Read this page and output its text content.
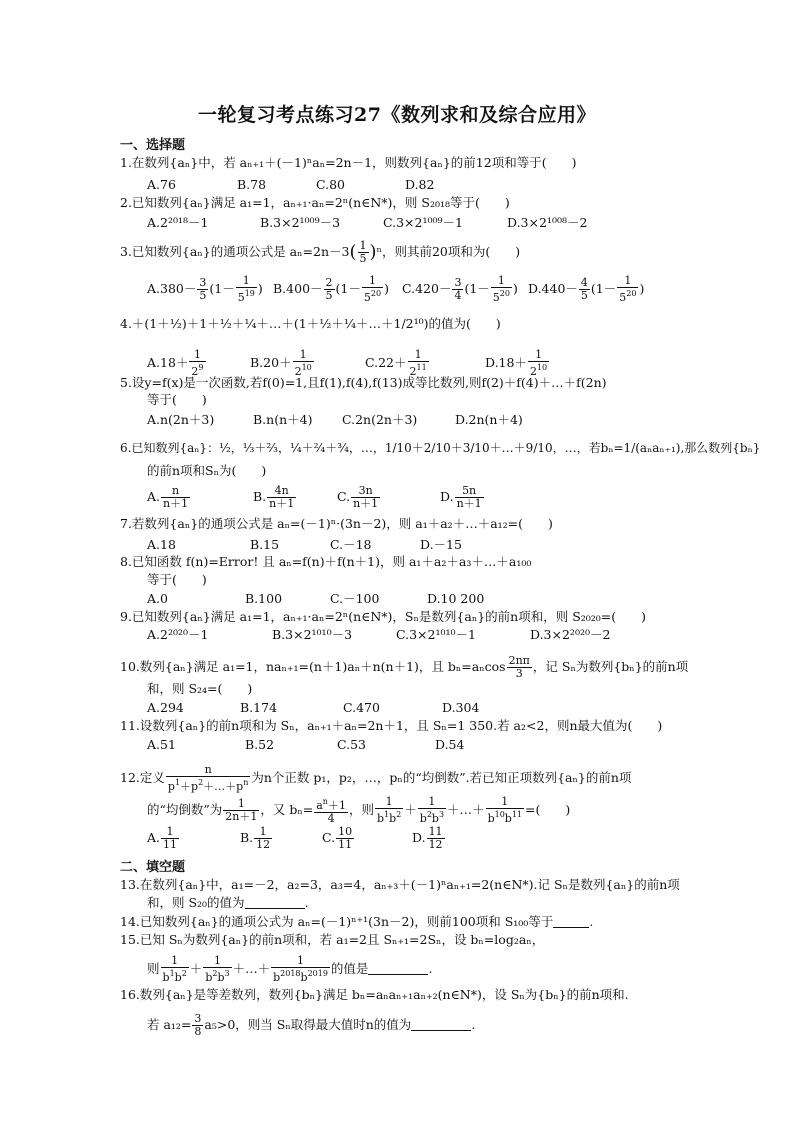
一轮复习考点练习27《数列求和及综合应用》
一、选择题
1.在数列{aₙ}中，若 aₙ₊₁＋(－1)ⁿaₙ=2n－1，则数列{aₙ}的前12项和等于(　　)
A.76	B.78	C.80	D.82
2.已知数列{aₙ}满足 a₁=1，aₙ₊₁·aₙ=2ⁿ(n∈N*)，则 S₂₀₁₈等于(　　)
A.2²⁰¹⁸－1	B.3×2¹⁰⁰⁹－3	C.3×2¹⁰⁰⁹－1	D.3×2¹⁰⁰⁸－2
3.已知数列{aₙ}的通项公式是 $a_n=2n-3( \frac{1}{5} )^n$，则其前20项和为(　　)
$A.380- \frac{3}{5} (1- \frac{1}{5^{19}}$ ) $B.400- \frac{2}{5} (1- \frac{1}{5^{20}}$ ) $C.420- \frac{3}{4} (1- \frac{1}{5^{20}}$ ) $D.440- \frac{4}{5} (1- \frac{1}{5^{20}}$ )
4.＋(1＋½)＋1＋½＋¼＋…＋(1＋½＋¼＋…＋1/2¹⁰)的值为(　　)
$A.18+ \frac{1}{2^9}$	$B.20+ \frac{1}{2^{10}}$	$C.22+ \frac{1}{2^{11}}$	$D.18+ \frac{1}{2^{10}}$
5.设y=f(x)是一次函数,若f(0)=1,且f(1),f(4),f(13)成等比数列,则f(2)＋f(4)＋…＋f(2n)
等于(　　)
A.n(2n＋3)	B.n(n＋4) C.2n(2n＋3)	D.2n(n＋4)
6.已知数列{aₙ}：½，⅓＋⅔，¼＋²⁄₄＋¾，…，1/10＋2/10＋3/10＋…＋9/10，…，若bₙ=1/(aₙaₙ₊₁),那么数列{bₙ}
的前n项和Sₙ为(　　)
A. $\frac{n}{n+1}$	B. $\frac{4n}{n+1}$	C. $\frac{3n}{n+1}$	D. $\frac{5n}{n+1}$
7.若数列{aₙ}的通项公式是 aₙ=(－1)ⁿ·(3n－2)，则 a₁＋a₂＋…＋a₁₂=(　　)
A.18	B.15	C.－18	D.－15
8.已知函数 f(n)=Error! 且 aₙ=f(n)＋f(n＋1)，则 a₁＋a₂＋a₃＋…＋a₁₀₀
等于(　　)
A.0	B.100	C.－100	D.10 200
9.已知数列{aₙ}满足 a₁=1，aₙ₊₁·aₙ=2ⁿ(n∈N*)，Sₙ是数列{aₙ}的前n项和，则 S₂₀₂₀=(　　)
A.2²⁰²⁰－1	B.3×2¹⁰¹⁰－3	C.3×2¹⁰¹⁰－1	D.3×2²⁰²⁰－2
10.数列{aₙ}满足 a₁=1，naₙ₊₁=(n＋1)aₙ＋n(n＋1)，且 $b_n=a_n\cos \frac{2n\pi}{3}$ ，记 Sₙ为数列{bₙ}的前n项
和，则 S₂₄=(　　)
A.294	B.174	C.470	D.304
11.设数列{aₙ}的前n项和为 Sₙ，aₙ₊₁＋aₙ=2n＋1，且 Sₙ=1 350.若 a₂<2，则n最大值为(　　)
A.51	B.52	C.53	D.54
12.定义 $\frac{n}{p^1+p^2+\dots+p^n}$ 为n个正数 p₁，p₂，…，pₙ的“均倒数”.若已知正项数列{aₙ}的前n项
的“均倒数”为 $\frac{1}{2n+1}$ ，又 $b_n= \frac{a^n+1}{4}$ ，则 $\frac{1}{b^1b^2} + \frac{1}{b^2b^3}$ ＋…＋ $\frac{1}{b^{10}b^{11}}$ =(　　)
A. $\frac{1}{11}$	B. $\frac{1}{12}$	C. $\frac{10}{11}$	D. $\frac{11}{12}$
二、填空题
13.在数列{aₙ}中，a₁=－2，a₂=3，a₃=4，aₙ₊₃＋(－1)ⁿaₙ₊₁=2(n∈N*).记 Sₙ是数列{aₙ}的前n项
和，则 S₂₀的值为	.
14.已知数列{aₙ}的通项公式为 aₙ=(－1)ⁿ⁺¹(3n－2)，则前100项和 S₁₀₀等于	.
15.已知 Sₙ为数列{aₙ}的前n项和，若 a₁=2且 Sₙ₊₁=2Sₙ，设 bₙ=log₂aₙ，
则 $\frac{1}{b^1b^2} + \frac{1}{b^2b^3}$ ＋…＋ $\frac{1}{b^{2018}b^{2019}}$ 的值是	.
16.数列{aₙ}是等差数列，数列{bₙ}满足 bₙ=aₙaₙ₊₁aₙ₊₂(n∈N*)，设 Sₙ为{bₙ}的前n项和.
若 $a_{12}= \frac{3}{8} a_5>0$，则当 Sₙ取得最大值时n的值为	.
